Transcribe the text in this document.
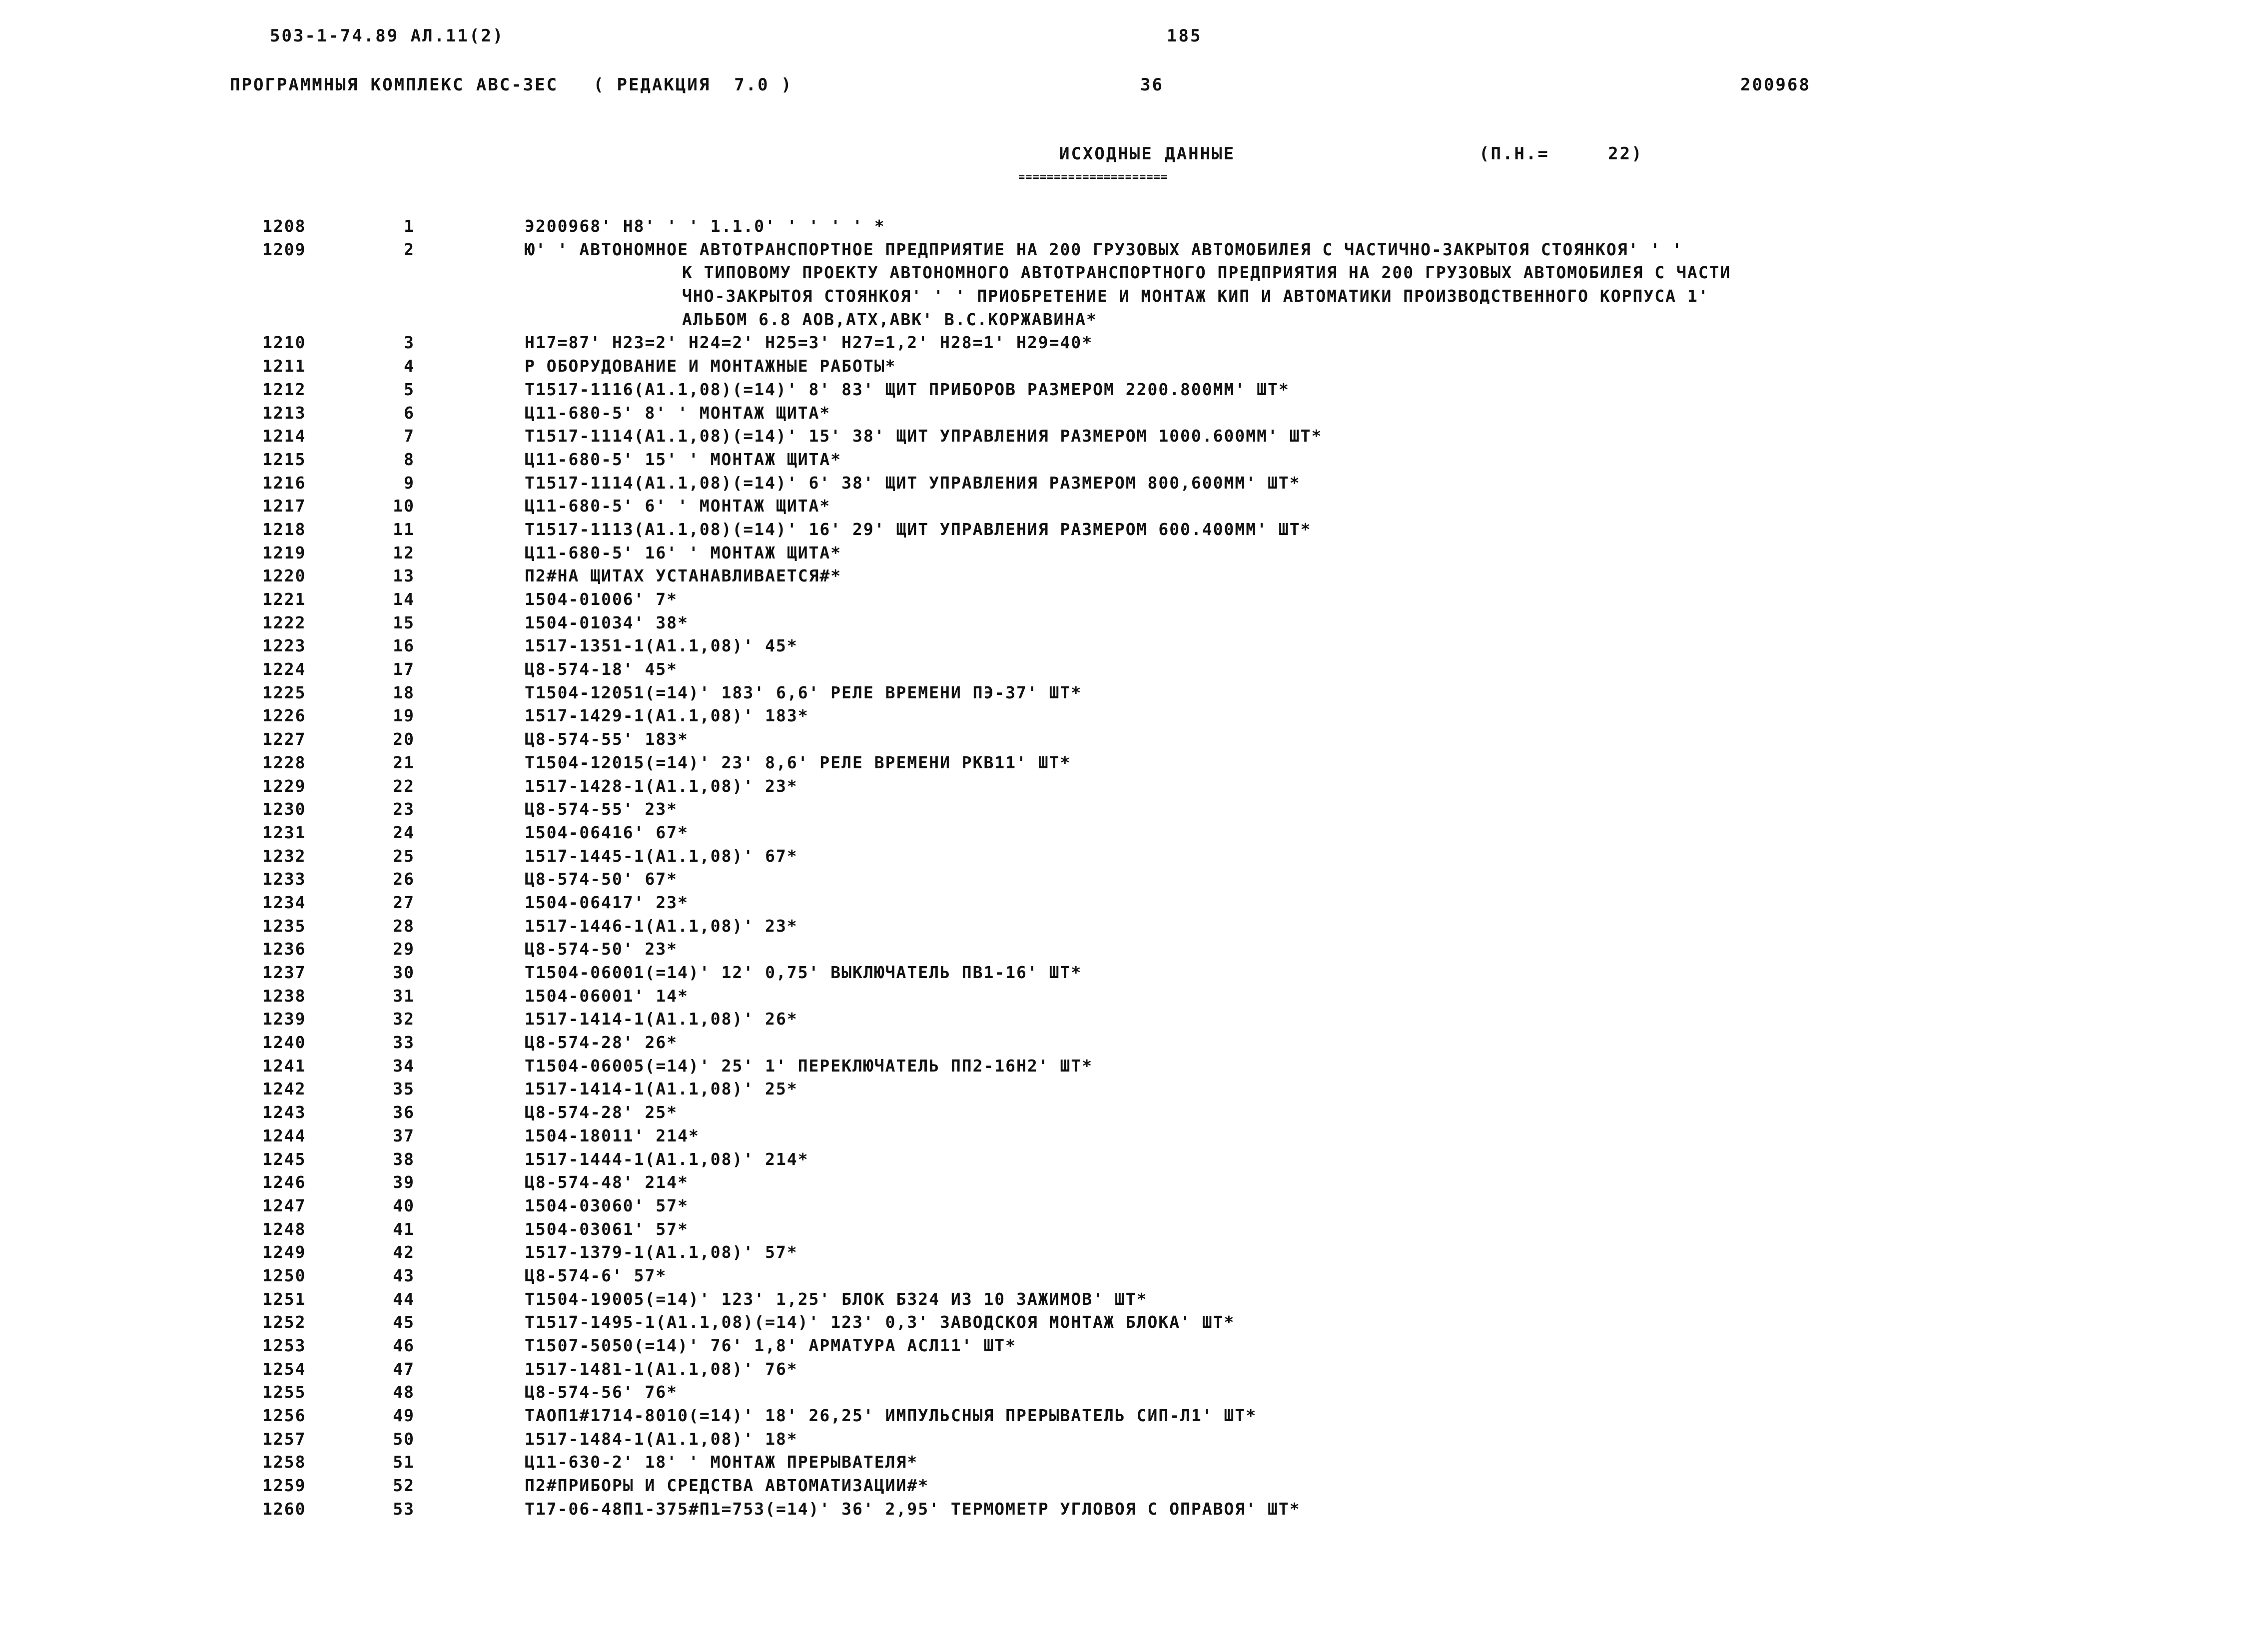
503-1-74.89 АЛ.11(2)	185
ПРОГРАММНЫЯ КОМПЛЕКС АВС-3ЕС   ( РЕДАКЦИЯ  7.0 )	36	200968
ИСХОДНЫЕ ДАННЫЕ	(П.Н.=     22)
=====================
1208	1	Э200968' Н8' ' ' 1.1.0' ' ' ' ' *
1209	2	Ю' ' АВТОНОМНОЕ АВТОТРАНСПОРТНОЕ ПРЕДПРИЯТИЕ НА 200 ГРУЗОВЫХ АВТОМОБИЛЕЯ С ЧАСТИЧНО-ЗАКРЫТОЯ СТОЯНКОЯ' ' '
К ТИПОВОМУ ПРОЕКТУ АВТОНОМНОГО АВТОТРАНСПОРТНОГО ПРЕДПРИЯТИЯ НА 200 ГРУЗОВЫХ АВТОМОБИЛЕЯ С ЧАСТИ
ЧНО-ЗАКРЫТОЯ СТОЯНКОЯ' ' ' ПРИОБРЕТЕНИЕ И МОНТАЖ КИП И АВТОМАТИКИ ПРОИЗВОДСТВЕННОГО КОРПУСА 1'
АЛЬБОМ 6.8 АОВ,АТХ,АВК' В.С.КОРЖАВИНА*
1210	3	Н17=87' Н23=2' Н24=2' Н25=3' Н27=1,2' Н28=1' Н29=40*
1211	4	Р ОБОРУДОВАНИЕ И МОНТАЖНЫЕ РАБОТЫ*
1212	5	Т1517-1116(А1.1,08)(=14)' 8' 83' ЩИТ ПРИБОРОВ РАЗМЕРОМ 2200.800ММ' ШТ*
1213	6	Ц11-680-5' 8' ' МОНТАЖ ЩИТА*
1214	7	Т1517-1114(А1.1,08)(=14)' 15' 38' ЩИТ УПРАВЛЕНИЯ РАЗМЕРОМ 1000.600ММ' ШТ*
1215	8	Ц11-680-5' 15' ' МОНТАЖ ЩИТА*
1216	9	Т1517-1114(А1.1,08)(=14)' 6' 38' ЩИТ УПРАВЛЕНИЯ РАЗМЕРОМ 800,600ММ' ШТ*
1217	10	Ц11-680-5' 6' ' МОНТАЖ ЩИТА*
1218	11	Т1517-1113(А1.1,08)(=14)' 16' 29' ЩИТ УПРАВЛЕНИЯ РАЗМЕРОМ 600.400ММ' ШТ*
1219	12	Ц11-680-5' 16' ' МОНТАЖ ЩИТА*
1220	13	П2#НА ЩИТАХ УСТАНАВЛИВАЕТСЯ#*
1221	14	1504-01006' 7*
1222	15	1504-01034' 38*
1223	16	1517-1351-1(А1.1,08)' 45*
1224	17	Ц8-574-18' 45*
1225	18	Т1504-12051(=14)' 183' 6,6' РЕЛЕ ВРЕМЕНИ ПЭ-37' ШТ*
1226	19	1517-1429-1(А1.1,08)' 183*
1227	20	Ц8-574-55' 183*
1228	21	Т1504-12015(=14)' 23' 8,6' РЕЛЕ ВРЕМЕНИ РКВ11' ШТ*
1229	22	1517-1428-1(А1.1,08)' 23*
1230	23	Ц8-574-55' 23*
1231	24	1504-06416' 67*
1232	25	1517-1445-1(А1.1,08)' 67*
1233	26	Ц8-574-50' 67*
1234	27	1504-06417' 23*
1235	28	1517-1446-1(А1.1,08)' 23*
1236	29	Ц8-574-50' 23*
1237	30	Т1504-06001(=14)' 12' 0,75' ВЫКЛЮЧАТЕЛЬ ПВ1-16' ШТ*
1238	31	1504-06001' 14*
1239	32	1517-1414-1(А1.1,08)' 26*
1240	33	Ц8-574-28' 26*
1241	34	Т1504-06005(=14)' 25' 1' ПЕРЕКЛЮЧАТЕЛЬ ПП2-16Н2' ШТ*
1242	35	1517-1414-1(А1.1,08)' 25*
1243	36	Ц8-574-28' 25*
1244	37	1504-18011' 214*
1245	38	1517-1444-1(А1.1,08)' 214*
1246	39	Ц8-574-48' 214*
1247	40	1504-03060' 57*
1248	41	1504-03061' 57*
1249	42	1517-1379-1(А1.1,08)' 57*
1250	43	Ц8-574-6' 57*
1251	44	Т1504-19005(=14)' 123' 1,25' БЛОК Б324 ИЗ 10 ЗАЖИМОВ' ШТ*
1252	45	Т1517-1495-1(А1.1,08)(=14)' 123' 0,3' ЗАВОДСКОЯ МОНТАЖ БЛОКА' ШТ*
1253	46	Т1507-5050(=14)' 76' 1,8' АРМАТУРА АСЛ11' ШТ*
1254	47	1517-1481-1(А1.1,08)' 76*
1255	48	Ц8-574-56' 76*
1256	49	ТАОП1#1714-8010(=14)' 18' 26,25' ИМПУЛЬСНЫЯ ПРЕРЫВАТЕЛЬ СИП-Л1' ШТ*
1257	50	1517-1484-1(А1.1,08)' 18*
1258	51	Ц11-630-2' 18' ' МОНТАЖ ПРЕРЫВАТЕЛЯ*
1259	52	П2#ПРИБОРЫ И СРЕДСТВА АВТОМАТИЗАЦИИ#*
1260	53	Т17-06-48П1-375#П1=753(=14)' 36' 2,95' ТЕРМОМЕТР УГЛОВОЯ С ОПРАВОЯ' ШТ*
